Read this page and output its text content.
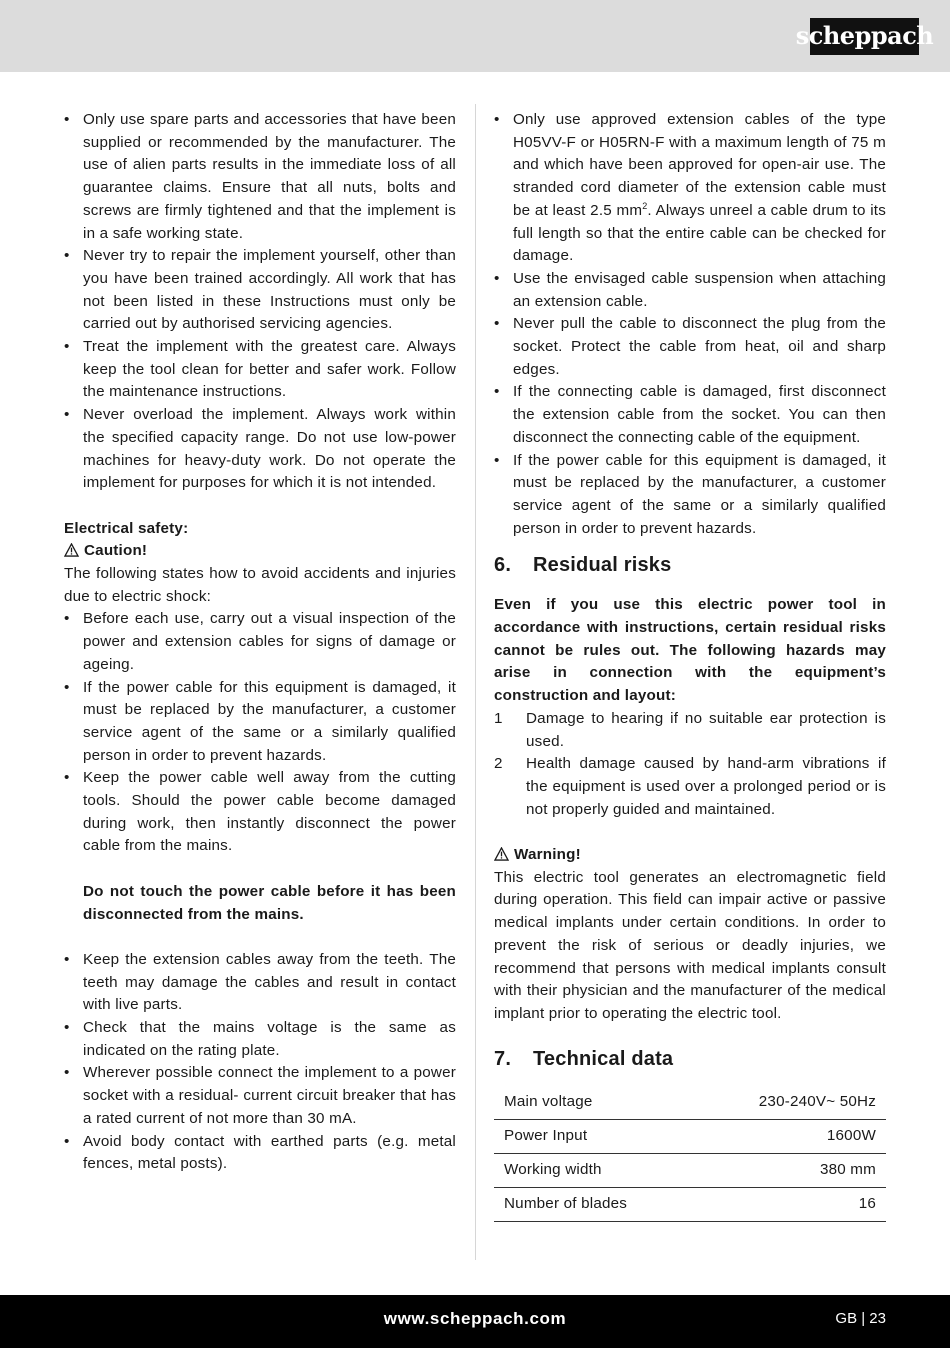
scheppach
• Only use spare parts and accessories that have been supplied or recommended by the manufacturer. The use of alien parts results in the immediate loss of all guarantee claims. Ensure that all nuts, bolts and screws are firmly tightened and that the implement is in a safe working state.
• Never try to repair the implement yourself, other than you have been trained accordingly. All work that has not been listed in these Instructions must only be carried out by authorised servicing agencies.
• Treat the implement with the greatest care. Always keep the tool clean for better and safer work. Follow the maintenance instructions.
• Never overload the implement. Always work within the specified capacity range. Do not use low-power machines for heavy-duty work. Do not operate the implement for purposes for which it is not intended.

Electrical safety:

Caution!

The following states how to avoid accidents and injuries due to electric shock:

• Before each use, carry out a visual inspection of the power and extension cables for signs of damage or ageing.
• If the power cable for this equipment is damaged, it must be replaced by the manufacturer, a customer service agent of the same or a similarly qualified person in order to prevent hazards.
• Keep the power cable well away from the cutting tools. Should the power cable become damaged during work, then instantly disconnect the power cable from the mains.

Do not touch the power cable before it has been disconnected from the mains.

• Keep the extension cables away from the teeth. The teeth may damage the cables and result in contact with live parts.
• Check that the mains voltage is the same as indicated on the rating plate.
• Wherever possible connect the implement to a power socket with a residual- current circuit breaker that has a rated current of not more than 30 mA.
• Avoid body contact with earthed parts (e.g. metal fences, metal posts).
• Only use approved extension cables of the type H05VV-F or H05RN-F with a maximum length of 75 m and which have been approved for open-air use. The stranded cord diameter of the extension cable must be at least 2.5 $mm^2$. Always unreel a cable drum to its full length so that the entire cable can be checked for damage.
• Use the envisaged cable suspension when attaching an extension cable.
• Never pull the cable to disconnect the plug from the socket. Protect the cable from heat, oil and sharp edges.
• If the connecting cable is damaged, first disconnect the extension cable from the socket. You can then disconnect the connecting cable of the equipment.
• If the power cable for this equipment is damaged, it must be replaced by the manufacturer, a customer service agent of the same or a similarly qualified person in order to prevent hazards.
6.	Residual risks

Even if you use this electric power tool in accordance with instructions, certain residual risks cannot be rules out. The following hazards may arise in connection with the equipment’s construction and layout:

1 Damage to hearing if no suitable ear protection is used.
2 Health damage caused by hand-arm vibrations if the equipment is used over a prolonged period or is not properly guided and maintained.

Warning!

This electric tool generates an electromagnetic field during operation. This field can impair active or passive medical implants under certain conditions. In order to prevent the risk of serious or deadly injuries, we recommend that persons with medical implants consult with their physician and the manufacturer of the medical implant prior to operating the electric tool.

7.	Technical data
Main voltage	230-240V~ 50Hz
Power Input	1600W
Working width	380 mm
Number of blades	16
www.scheppach.com	GB | 23
